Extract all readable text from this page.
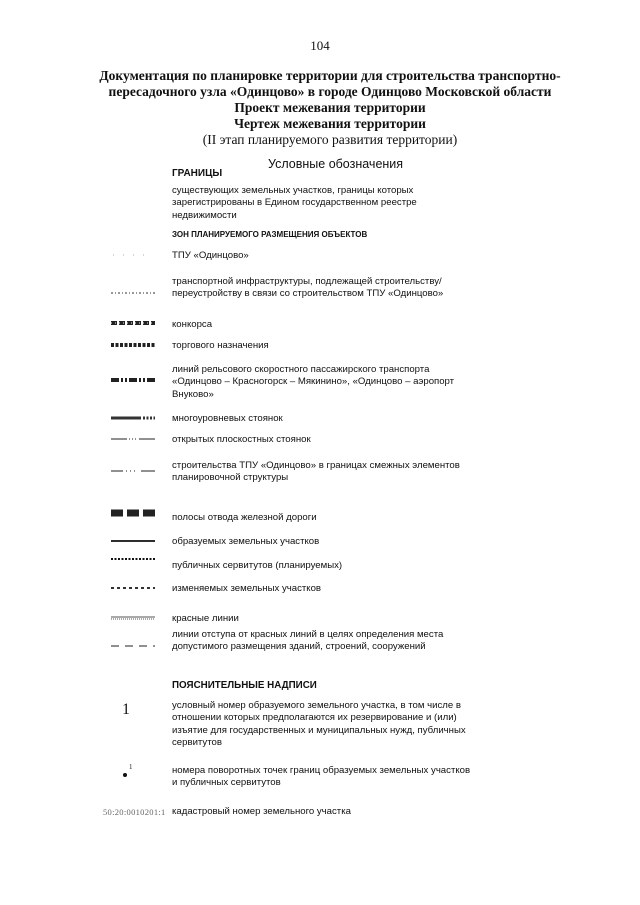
104
Документация по планировке территории для строительства транспортно-
пересадочного узла «Одинцово» в городе Одинцово Московской области
Проект межевания территории
Чертеж межевания территории
(II этап планируемого развития территории)
Условные обозначения
ГРАНИЦЫ
существующих земельных участков, границы которых зарегистрированы в Едином государственном реестре недвижимости
ЗОН ПЛАНИРУЕМОГО РАЗМЕЩЕНИЯ ОБЪЕКТОВ
ТПУ «Одинцово»
транспортной инфраструктуры, подлежащей строительству/переустройству в связи со строительством ТПУ «Одинцово»
конкорса
торгового назначения
линий рельсового скоростного пассажирского транспорта «Одинцово – Красногорск – Мякинино», «Одинцово – аэропорт Внуково»
многоуровневых стоянок
открытых плоскостных стоянок
строительства ТПУ «Одинцово» в границах смежных элементов планировочной структуры
полосы отвода железной дороги
образуемых земельных участков
публичных сервитутов (планируемых)
изменяемых земельных участков
красные линии
линии отступа от красных линий в целях определения места допустимого размещения зданий, строений, сооружений
ПОЯСНИТЕЛЬНЫЕ НАДПИСИ
1	условный номер образуемого земельного участка, в том числе в отношении которых предполагаются их резервирование и (или) изъятие для государственных и муниципальных нужд, публичных сервитутов
1	номера поворотных точек границ образуемых земельных участков и публичных сервитутов
50:20:0010201:1 кадастровый номер земельного участка
